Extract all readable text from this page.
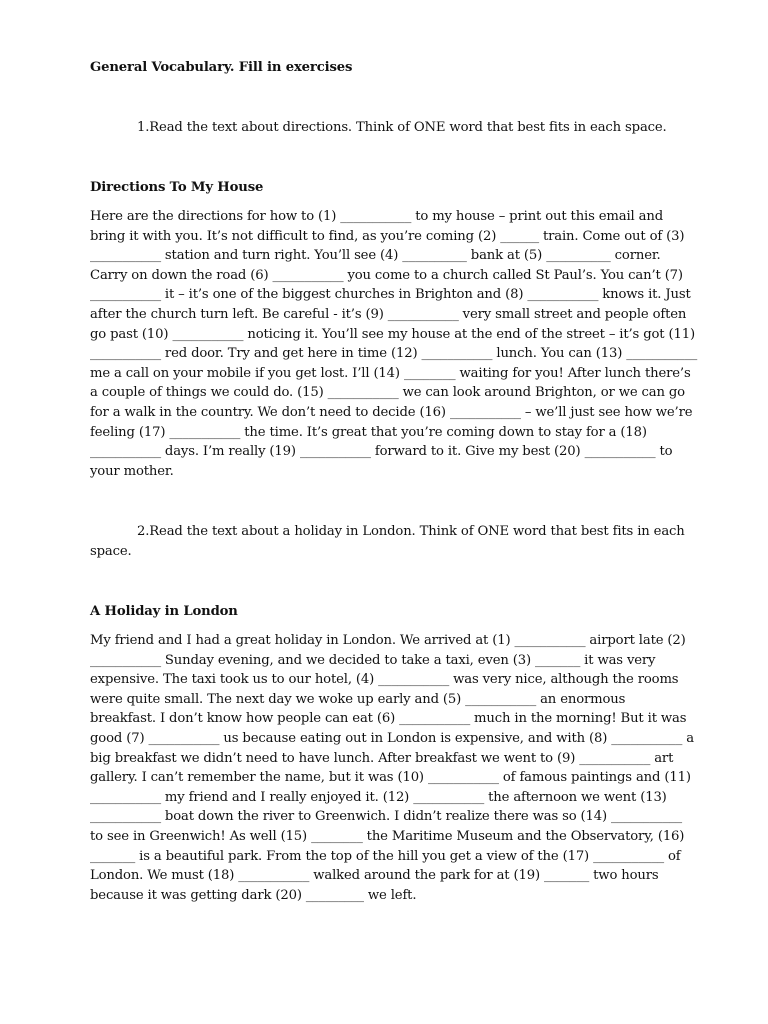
General Vocabulary. Fill in exercises

1.Read the text about directions. Think of ONE word that best fits in each space.

Directions To My House

Here are the directions for how to (1) ___________ to my house – print out this email and
bring it with you. It’s not difficult to find, as you’re coming (2) ______ train. Come out of (3)
___________ station and turn right. You’ll see (4) __________ bank at (5) __________ corner.
Carry on down the road (6) ___________ you come to a church called St Paul’s. You can’t (7)
___________ it – it’s one of the biggest churches in Brighton and (8) ___________ knows it. Just
after the church turn left. Be careful - it’s (9) ___________ very small street and people often
go past (10) ___________ noticing it. You’ll see my house at the end of the street – it’s got (11)
___________ red door. Try and get here in time (12) ___________ lunch. You can (13) ___________
me a call on your mobile if you get lost. I’ll (14) ________ waiting for you! After lunch there’s
a couple of things we could do. (15) ___________ we can look around Brighton, or we can go
for a walk in the country. We don’t need to decide (16) ___________ – we’ll just see how we’re
feeling (17) ___________ the time. It’s great that you’re coming down to stay for a (18)
___________ days. I’m really (19) ___________ forward to it. Give my best (20) ___________ to
your mother.

2.Read the text about a holiday in London. Think of ONE word that best fits in each

space.

A Holiday in London

My friend and I had a great holiday in London. We arrived at (1) ___________ airport late (2)
___________ Sunday evening, and we decided to take a taxi, even (3) _______ it was very
expensive. The taxi took us to our hotel, (4) ___________ was very nice, although the rooms
were quite small. The next day we woke up early and (5) ___________ an enormous
breakfast. I don’t know how people can eat (6) ___________ much in the morning! But it was
good (7) ___________ us because eating out in London is expensive, and with (8) ___________ a
big breakfast we didn’t need to have lunch. After breakfast we went to (9) ___________ art
gallery. I can’t remember the name, but it was (10) ___________ of famous paintings and (11)
___________ my friend and I really enjoyed it. (12) ___________ the afternoon we went (13)
___________ boat down the river to Greenwich. I didn’t realize there was so (14) ___________
to see in Greenwich! As well (15) ________ the Maritime Museum and the Observatory, (16)
_______ is a beautiful park. From the top of the hill you get a view of the (17) ___________ of
London. We must (18) ___________ walked around the park for at (19) _______ two hours
because it was getting dark (20) _________ we left.
